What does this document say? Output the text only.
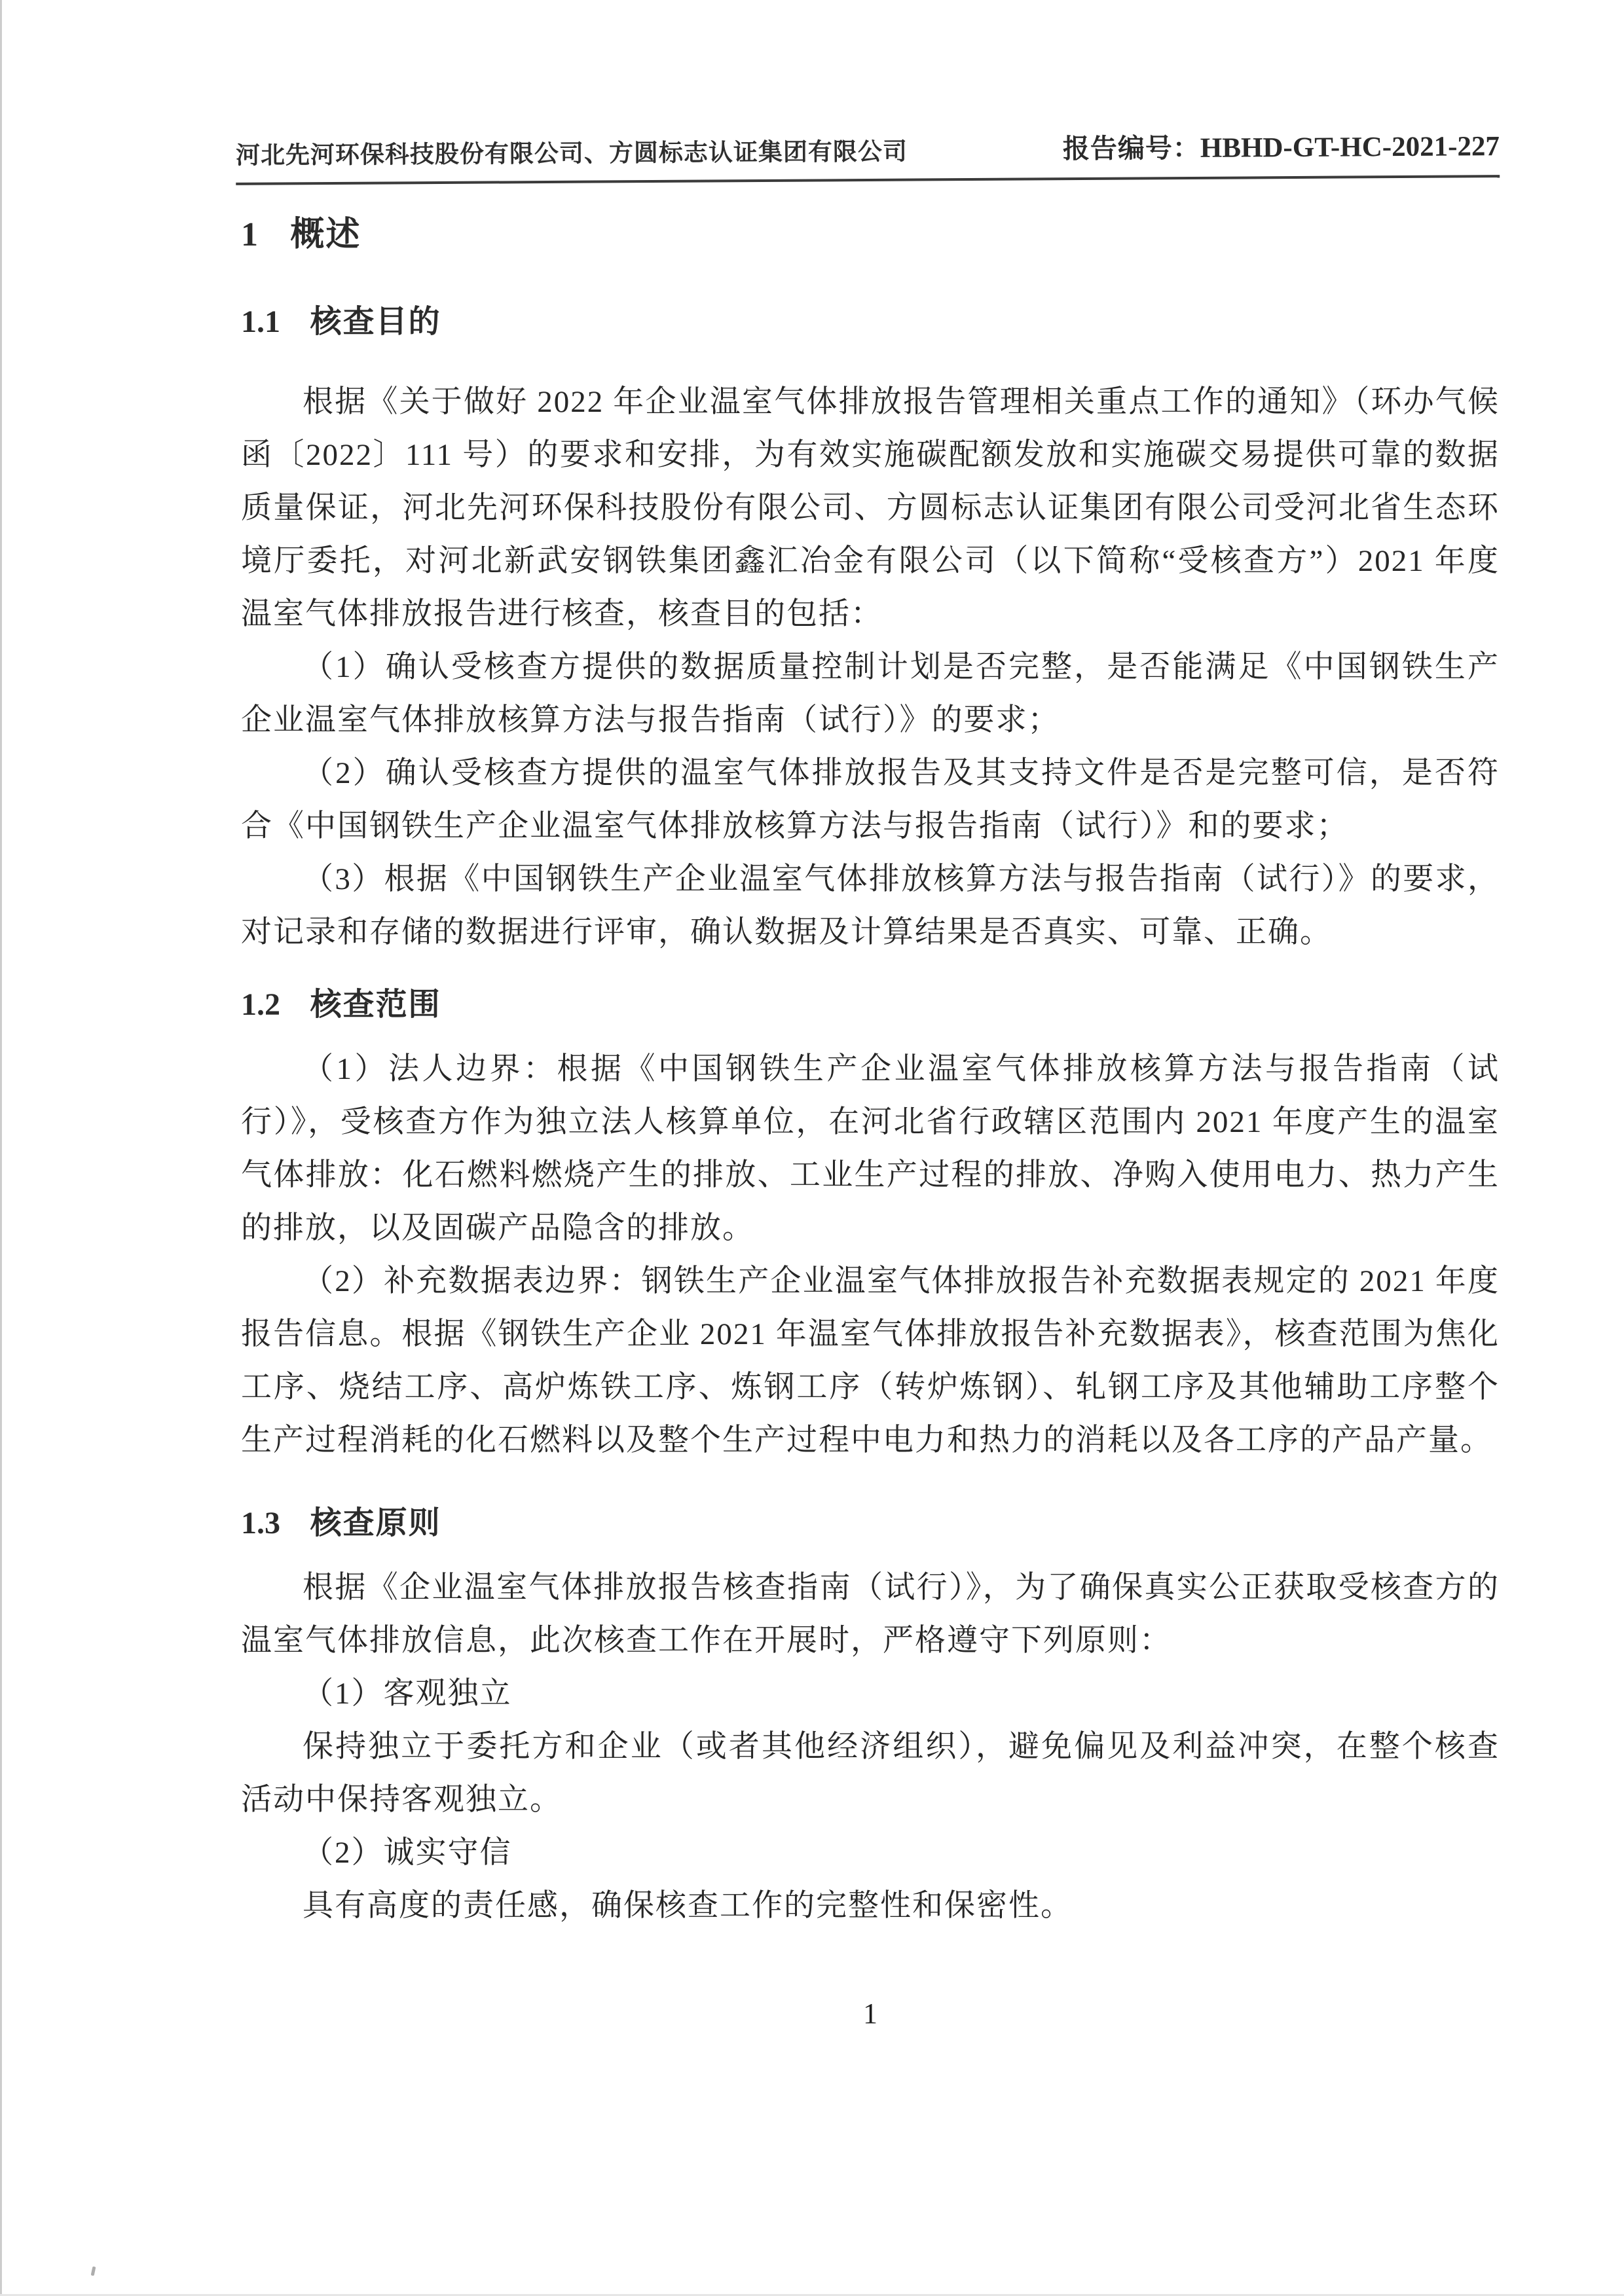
河北先河环保科技股份有限公司、方圆标志认证集团有限公司	报告编号：HBHD-GT-HC-2021-227
1 概述
1.1 核查目的

根据《关于做好 2022 年企业温室气体排放报告管理相关重点工作的通知》（环办气候函〔2022〕111 号）的要求和安排，为有效实施碳配额发放和实施碳交易提供可靠的数据质量保证，河北先河环保科技股份有限公司、方圆标志认证集团有限公司受河北省生态环境厅委托，对河北新武安钢铁集团鑫汇冶金有限公司（以下简称“受核查方”）2021 年度温室气体排放报告进行核查，核查目的包括：

（1）确认受核查方提供的数据质量控制计划是否完整，是否能满足《中国钢铁生产企业温室气体排放核算方法与报告指南（试行）》的要求；

（2）确认受核查方提供的温室气体排放报告及其支持文件是否是完整可信，是否符合《中国钢铁生产企业温室气体排放核算方法与报告指南（试行）》和的要求；

（3）根据《中国钢铁生产企业温室气体排放核算方法与报告指南（试行）》的要求，对记录和存储的数据进行评审，确认数据及计算结果是否真实、可靠、正确。

1.2 核查范围

（1）法人边界：根据《中国钢铁生产企业温室气体排放核算方法与报告指南（试行）》，受核查方作为独立法人核算单位，在河北省行政辖区范围内 2021 年度产生的温室气体排放：化石燃料燃烧产生的排放、工业生产过程的排放、净购入使用电力、热力产生的排放，以及固碳产品隐含的排放。

（2）补充数据表边界：钢铁生产企业温室气体排放报告补充数据表规定的 2021 年度报告信息。根据《钢铁生产企业 2021 年温室气体排放报告补充数据表》，核查范围为焦化工序、烧结工序、高炉炼铁工序、炼钢工序（转炉炼钢）、轧钢工序及其他辅助工序整个生产过程消耗的化石燃料以及整个生产过程中电力和热力的消耗以及各工序的产品产量。

1.3 核查原则

根据《企业温室气体排放报告核查指南（试行）》，为了确保真实公正获取受核查方的温室气体排放信息，此次核查工作在开展时，严格遵守下列原则：

（1）客观独立

保持独立于委托方和企业（或者其他经济组织），避免偏见及利益冲突，在整个核查活动中保持客观独立。

（2）诚实守信

具有高度的责任感，确保核查工作的完整性和保密性。

1
